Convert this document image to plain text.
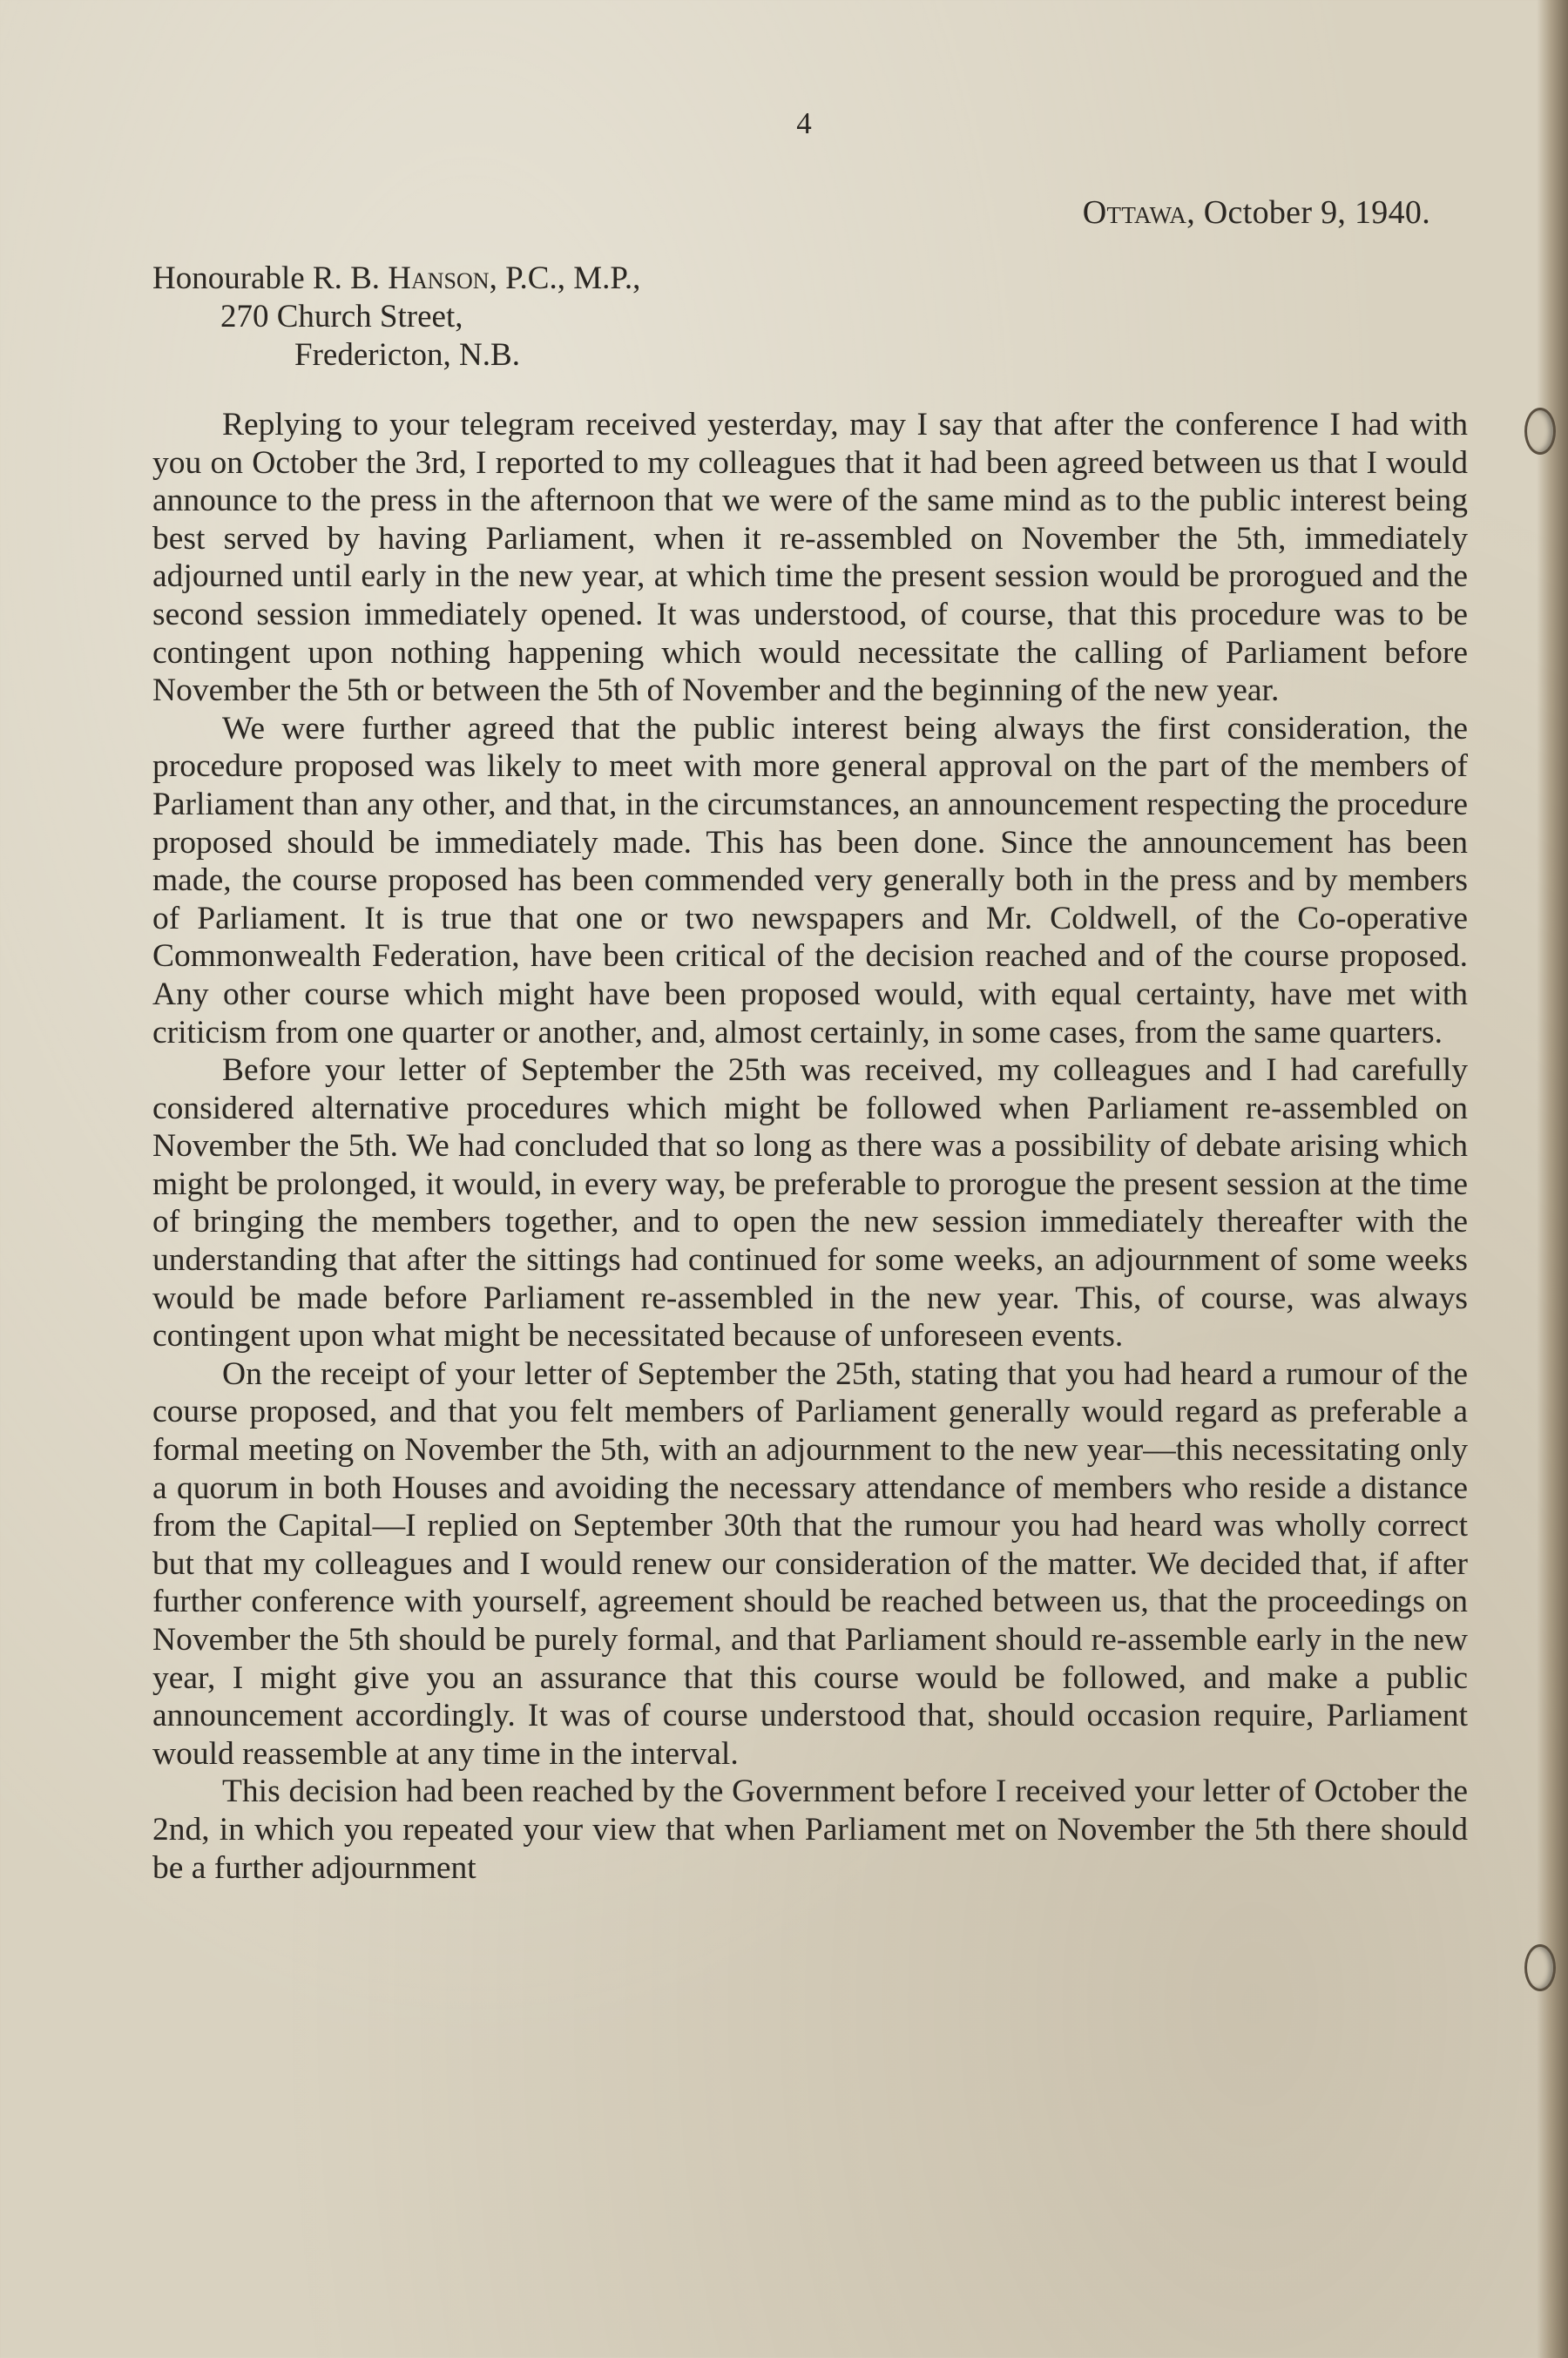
4
Ottawa, October 9, 1940.
Honourable R. B. Hanson, P.C., M.P.,
270 Church Street,
Fredericton, N.B.

Replying to your telegram received yesterday, may I say that after the conference I had with you on October the 3rd, I reported to my colleagues that it had been agreed between us that I would announce to the press in the afternoon that we were of the same mind as to the public interest being best served by having Parliament, when it re-assembled on November the 5th, immediately adjourned until early in the new year, at which time the present session would be prorogued and the second session immediately opened. It was understood, of course, that this procedure was to be contingent upon nothing happening which would necessitate the calling of Parliament before November the 5th or between the 5th of November and the beginning of the new year.

We were further agreed that the public interest being always the first consideration, the procedure proposed was likely to meet with more general approval on the part of the members of Parliament than any other, and that, in the circumstances, an announcement respecting the procedure proposed should be immediately made. This has been done. Since the announcement has been made, the course proposed has been commended very generally both in the press and by members of Parliament. It is true that one or two newspapers and Mr. Coldwell, of the Co-operative Commonwealth Federation, have been critical of the decision reached and of the course proposed. Any other course which might have been proposed would, with equal certainty, have met with criticism from one quarter or another, and, almost certainly, in some cases, from the same quarters.

Before your letter of September the 25th was received, my colleagues and I had carefully considered alternative procedures which might be followed when Parliament re-assembled on November the 5th. We had concluded that so long as there was a possibility of debate arising which might be prolonged, it would, in every way, be preferable to prorogue the present session at the time of bringing the members together, and to open the new session immediately thereafter with the understanding that after the sittings had continued for some weeks, an adjournment of some weeks would be made before Parliament re-assembled in the new year. This, of course, was always contingent upon what might be necessitated because of unforeseen events.

On the receipt of your letter of September the 25th, stating that you had heard a rumour of the course proposed, and that you felt members of Parliament generally would regard as preferable a formal meeting on November the 5th, with an adjournment to the new year—this necessitating only a quorum in both Houses and avoiding the necessary attendance of members who reside a distance from the Capital—I replied on September 30th that the rumour you had heard was wholly correct but that my colleagues and I would renew our consideration of the matter. We decided that, if after further conference with yourself, agreement should be reached between us, that the proceedings on November the 5th should be purely formal, and that Parliament should re-assemble early in the new year, I might give you an assurance that this course would be followed, and make a public announcement accordingly. It was of course understood that, should occasion require, Parliament would reassemble at any time in the interval.

This decision had been reached by the Government before I received your letter of October the 2nd, in which you repeated your view that when Parliament met on November the 5th there should be a further adjournment
